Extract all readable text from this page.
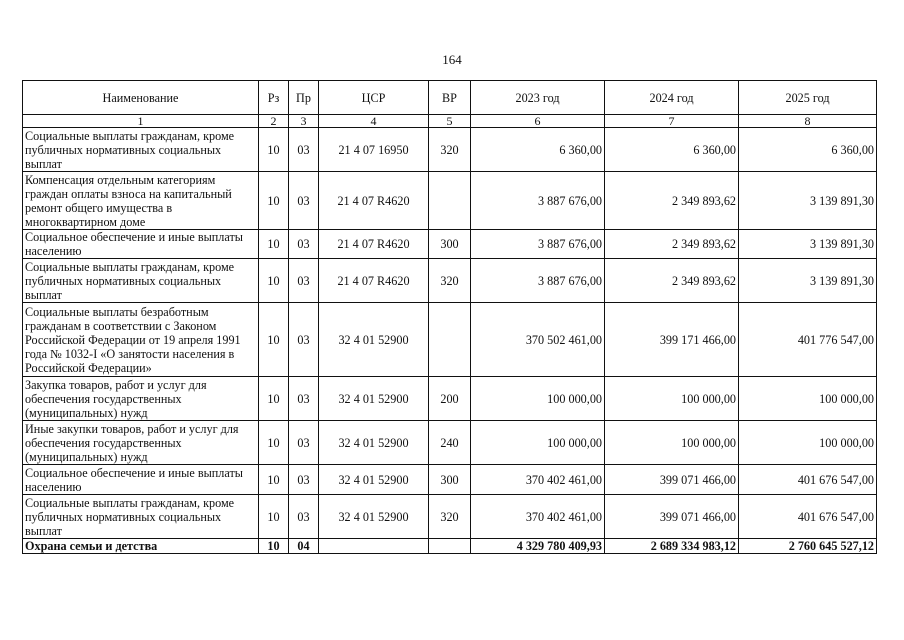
164
Наименование	Рз	Пр	ЦСР	ВР	2023 год	2024 год	2025 год
1	2	3	4	5	6	7	8
Социальные выплаты гражданам, кроме публичных нормативных социальных выплат	10	03	21 4 07 16950	320	6 360,00	6 360,00	6 360,00
Компенсация отдельным категориям граждан оплаты взноса на капитальный ремонт общего имущества в многоквартирном доме	10	03	21 4 07 R4620		3 887 676,00	2 349 893,62	3 139 891,30
Социальное обеспечение и иные выплаты населению	10	03	21 4 07 R4620	300	3 887 676,00	2 349 893,62	3 139 891,30
Социальные выплаты гражданам, кроме публичных нормативных социальных выплат	10	03	21 4 07 R4620	320	3 887 676,00	2 349 893,62	3 139 891,30
Социальные выплаты безработным гражданам в соответствии с Законом Российской Федерации от 19 апреля 1991 года № 1032-I «О занятости населения в Российской Федерации»	10	03	32 4 01 52900		370 502 461,00	399 171 466,00	401 776 547,00
Закупка товаров, работ и услуг для обеспечения государственных (муниципальных) нужд	10	03	32 4 01 52900	200	100 000,00	100 000,00	100 000,00
Иные закупки товаров, работ и услуг для обеспечения государственных (муниципальных) нужд	10	03	32 4 01 52900	240	100 000,00	100 000,00	100 000,00
Социальное обеспечение и иные выплаты населению	10	03	32 4 01 52900	300	370 402 461,00	399 071 466,00	401 676 547,00
Социальные выплаты гражданам, кроме публичных нормативных социальных выплат	10	03	32 4 01 52900	320	370 402 461,00	399 071 466,00	401 676 547,00
Охрана семьи и детства	10	04			4 329 780 409,93	2 689 334 983,12	2 760 645 527,12
